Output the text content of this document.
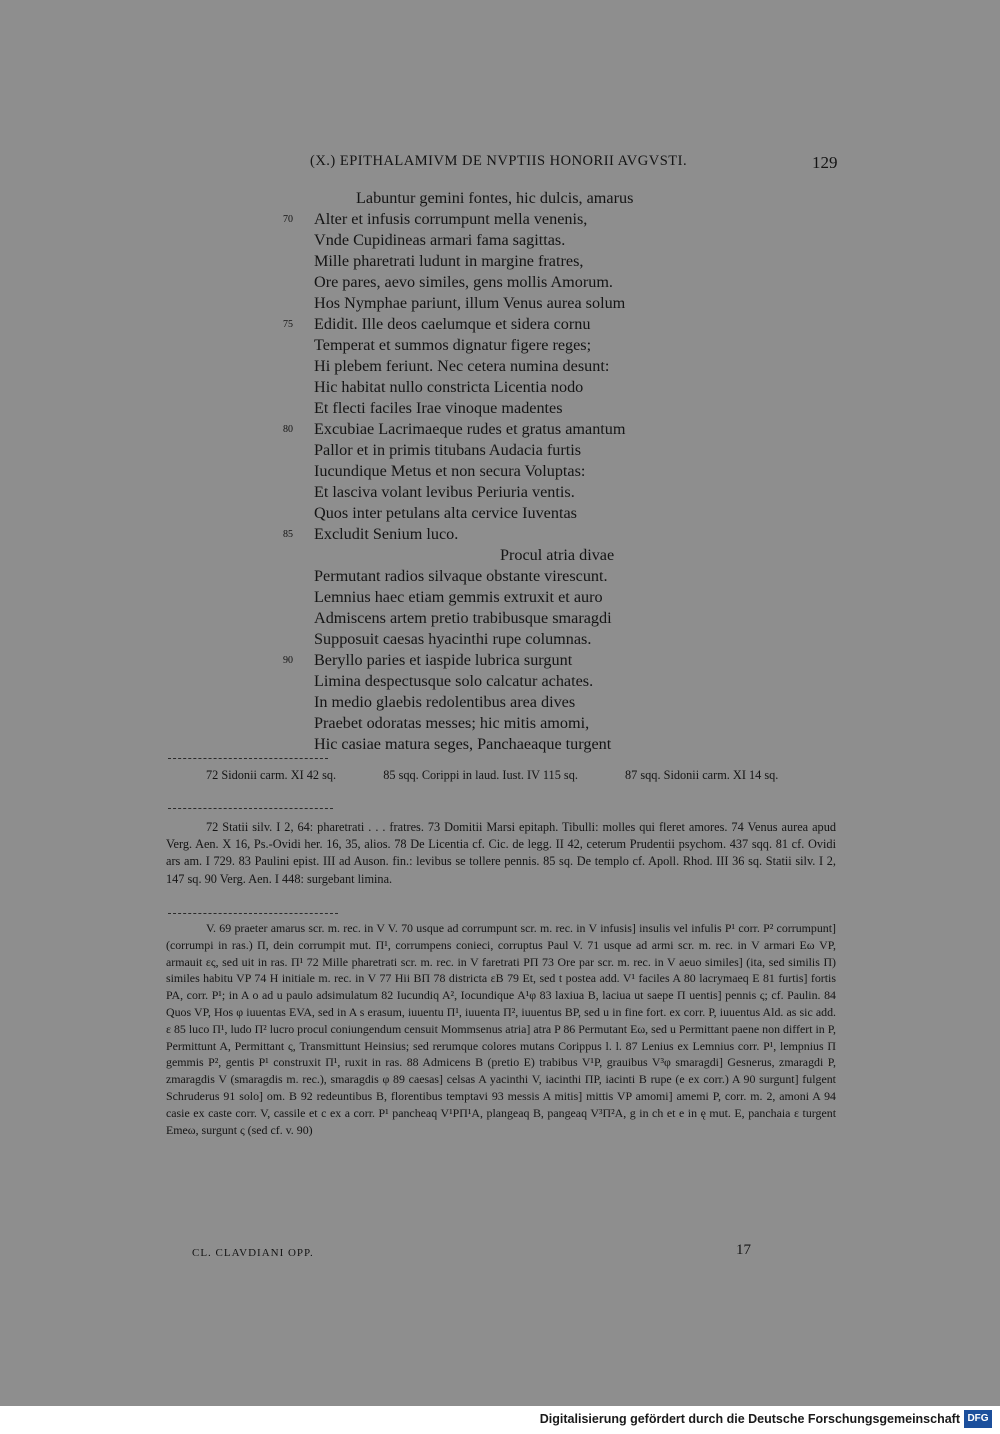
(X.) EPITHALAMIVM DE NVPTIIS HONORII AVGVSTI.	129
Labuntur gemini fontes, hic dulcis, amarus
70 Alter et infusis corrumpunt mella venenis,
Vnde Cupidineas armari fama sagittas.
Mille pharetrati ludunt in margine fratres,
Ore pares, aevo similes, gens mollis Amorum.
Hos Nymphae pariunt, illum Venus aurea solum
75 Edidit. Ille deos caelumque et sidera cornu
Temperat et summos dignatur figere reges;
Hi plebem feriunt. Nec cetera numina desunt:
Hic habitat nullo constricta Licentia nodo
Et flecti faciles Irae vinoque madentes
80 Excubiae Lacrimaeque rudes et gratus amantum
Pallor et in primis titubans Audacia furtis
Iucundique Metus et non secura Voluptas:
Et lasciva volant levibus Periuria ventis.
Quos inter petulans alta cervice Iuventas
85 Excludit Senium luco.
Procul atria divae
Permutant radios silvaque obstante virescunt.
Lemnius haec etiam gemmis extruxit et auro
Admiscens artem pretio trabibusque smaragdi
Supposuit caesas hyacinthi rupe columnas.
90 Beryllo paries et iaspide lubrica surgunt
Limina despectusque solo calcatur achates.
In medio glaebis redolentibus area dives
Praebet odoratas messes; hic mitis amomi,
Hic casiae matura seges, Panchaeaque turgent
72 Sidonii carm. XI 42 sq.	85 sqq. Corippi in laud. Iust. IV 115 sq.	87 sqq. Sidonii carm. XI 14 sq.
72 Statii silv. I 2, 64: pharetrati . . . fratres. 73 Domitii Marsi epitaph. Tibulli: molles qui fleret amores. 74 Venus aurea apud Verg. Aen. X 16, Ps.-Ovidi her. 16, 35, alios. 78 De Licentia cf. Cic. de legg. II 42, ceterum Prudentii psychom. 437 sqq. 81 cf. Ovidi ars am. I 729. 83 Paulini epist. III ad Auson. fin.: levibus se tollere pennis. 85 sq. De templo cf. Apoll. Rhod. III 36 sq. Statii silv. I 2, 147 sq. 90 Verg. Aen. I 448: surgebant limina.
V. 69 praeter amarus scr. m. rec. in V V. 70 usque ad corrumpunt scr. m. rec. in V infusis] insulis vel infulis P¹ corr. P² corrumpunt] (corrumpi in ras.) Π, dein corrumpit mut. Π¹, corrumpens conieci, corruptus Paul V. 71 usque ad armi scr. m. rec. in V armari Eω VP, armauit ες, sed uit in ras. Π¹ 72 Mille pharetrati scr. m. rec. in V faretrati PΠ 73 Ore par scr. m. rec. in V aeuo similes] (ita, sed similis Π) similes habitu VP 74 H initiale m. rec. in V 77 Hii BΠ 78 districta εB 79 Et, sed t postea add. V¹ faciles A 80 lacrymaeq E 81 furtis] fortis PA, corr. P¹; in A o ad u paulo adsimulatum 82 Iucundiq A², Iocundique A¹φ 83 laxiua B, laciua ut saepe Π uentis] pennis ς; cf. Paulin. 84 Quos VP, Hos φ iuuentas EVA, sed in A s erasum, iuuentu Π¹, iuuenta Π², iuuentus BP, sed u in fine fort. ex corr. P, iuuentus Ald. as sic add. ε 85 luco Π¹, ludo Π² lucro procul coniungendum censuit Mommsenus atria] atra P 86 Permutant Eω, sed u Permittant paene non differt in P, Permittunt A, Permittant ς, Transmittunt Heinsius; sed rerumque colores mutans Corippus l. l. 87 Lenius ex Lemnius corr. P¹, lempnius Π gemmis P², gentis P¹ construxit Π¹, ruxit in ras. 88 Admicens B (pretio E) trabibus V¹P, grauibus V³φ smaragdi] Gesnerus, zmaragdi P, zmaragdis V (smaragdis m. rec.), smaragdis φ 89 caesas] celsas A yacinthi V, iacinthi ΠP, iacinti B rupe (e ex corr.) A 90 surgunt] fulgent Schruderus 91 solo] om. B 92 redeuntibus B, florentibus temptavi 93 messis A mitis] mittis VP amomi] amemi P, corr. m. 2, amoni A 94 casie ex caste corr. V, cassile et c ex a corr. P¹ pancheaq V¹PΠ¹A, plangeaq B, pangeaq V³Π²A, g in ch et e in ę mut. E, panchaia ε turgent Emeω, surgunt ς (sed cf. v. 90)
CL. CLAVDIANI OPP.	17
Digitalisierung gefördert durch die Deutsche Forschungsgemeinschaft DFG
